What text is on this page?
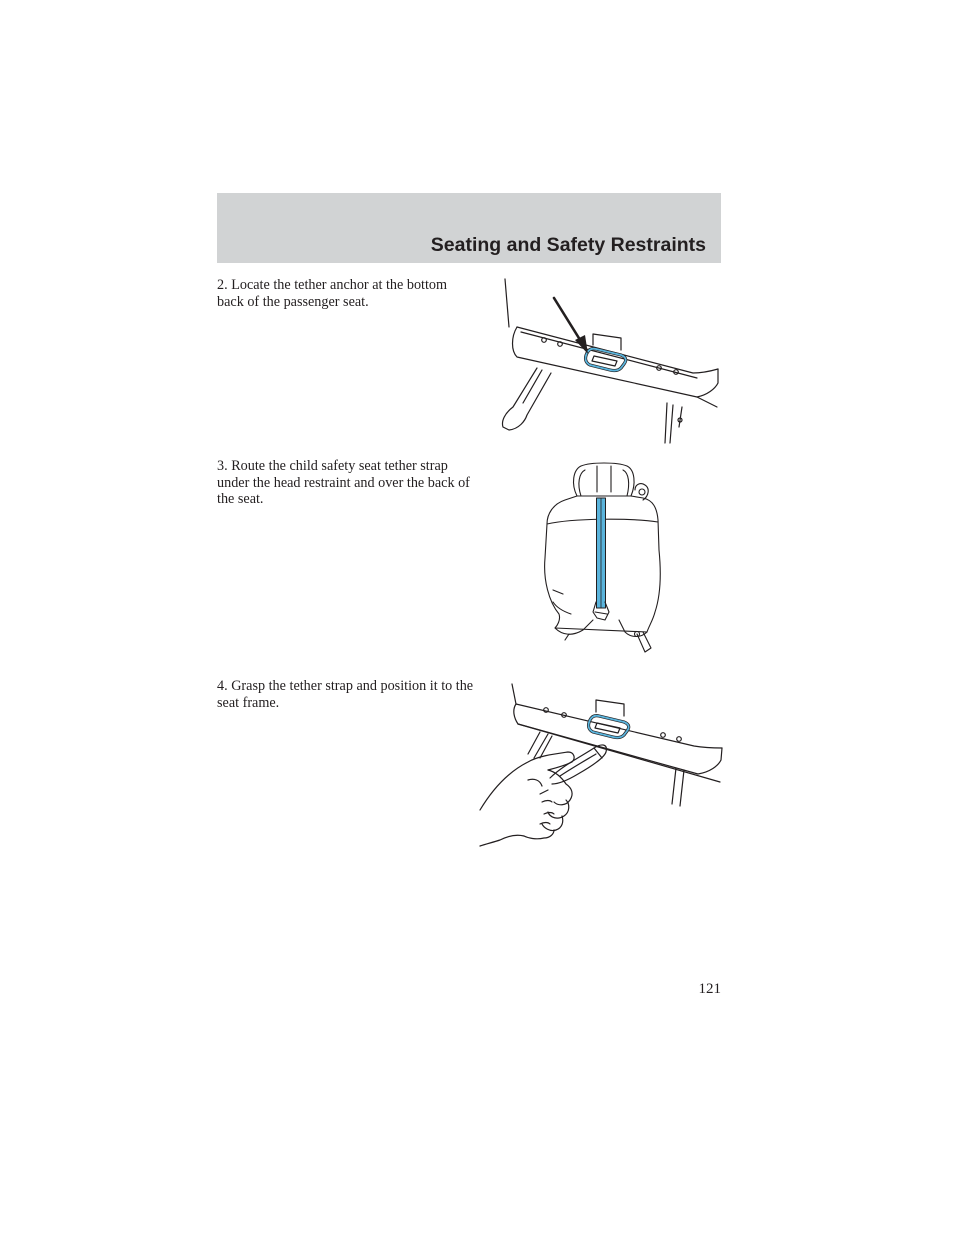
Seating and Safety Restraints
2. Locate the tether anchor at the bottom back of the passenger seat.
3. Route the child safety seat tether strap under the head restraint and over the back of the seat.
4. Grasp the tether strap and position it to the seat frame.
121
